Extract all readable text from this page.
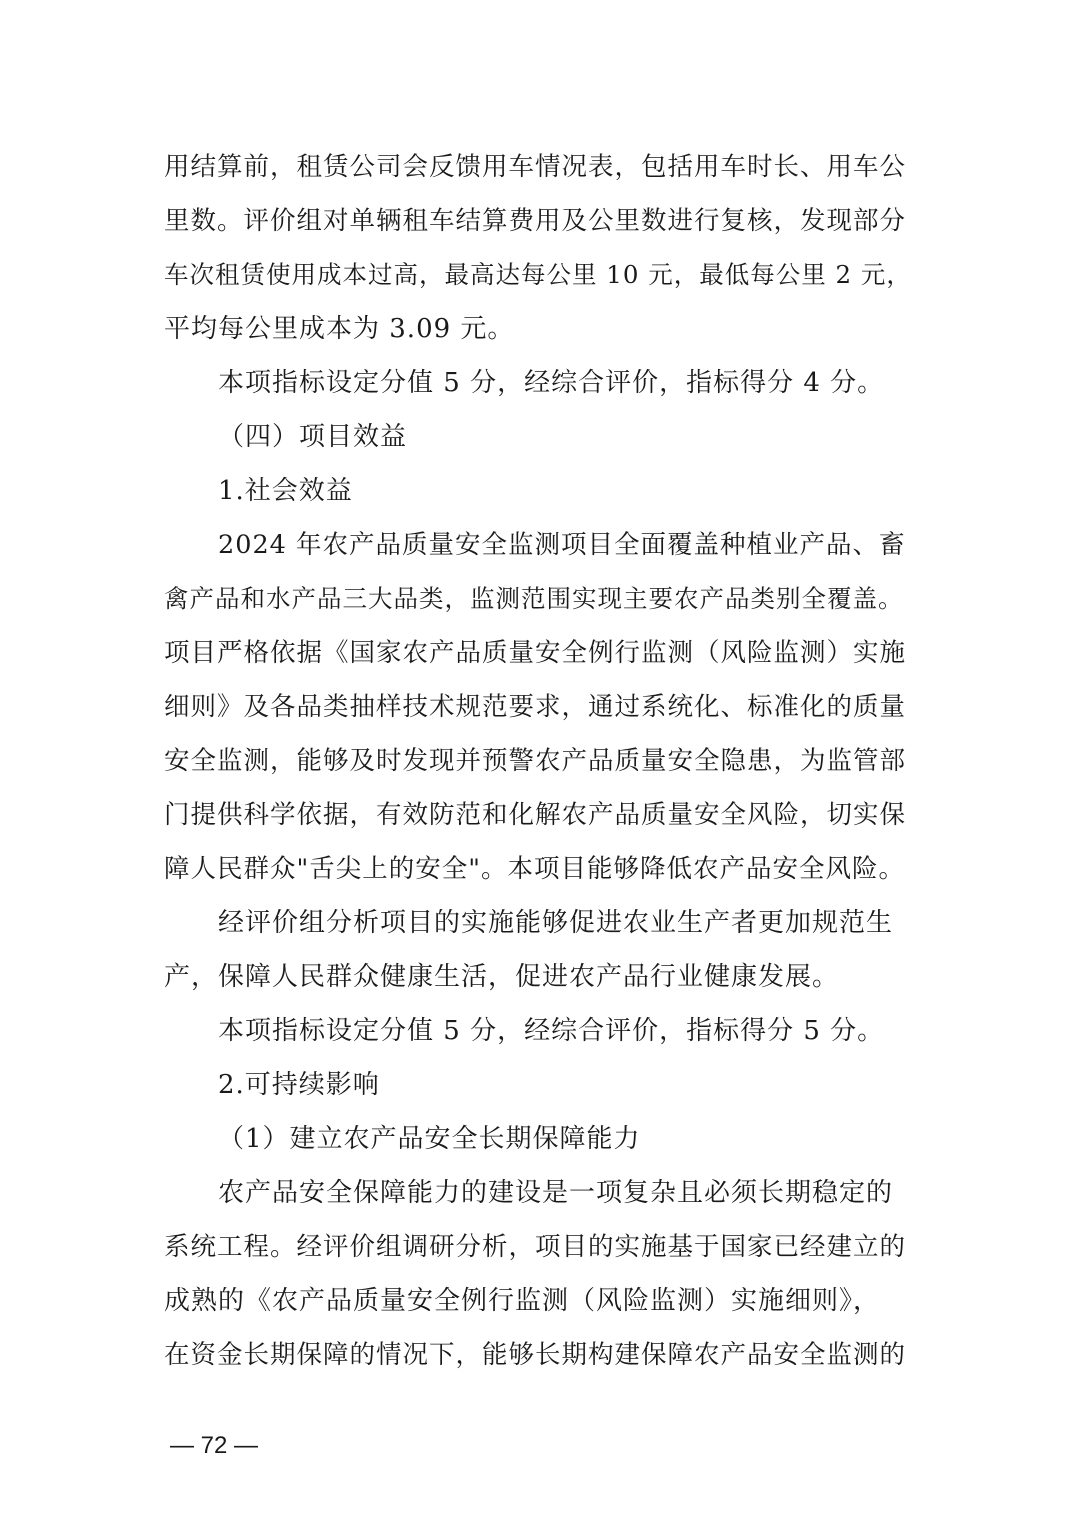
用结算前，租赁公司会反馈用车情况表，包括用车时长、用车公
里数。评价组对单辆租车结算费用及公里数进行复核，发现部分
车次租赁使用成本过高，最高达每公里 10 元，最低每公里 2 元，
平均每公里成本为 3.09 元。
本项指标设定分值 5 分，经综合评价，指标得分 4 分。
（四）项目效益
1.社会效益
2024 年农产品质量安全监测项目全面覆盖种植业产品、畜
禽产品和水产品三大品类，监测范围实现主要农产品类别全覆盖。
项目严格依据《国家农产品质量安全例行监测（风险监测）实施
细则》及各品类抽样技术规范要求，通过系统化、标准化的质量
安全监测，能够及时发现并预警农产品质量安全隐患，为监管部
门提供科学依据，有效防范和化解农产品质量安全风险，切实保
障人民群众"舌尖上的安全"。本项目能够降低农产品安全风险。
经评价组分析项目的实施能够促进农业生产者更加规范生
产，保障人民群众健康生活，促进农产品行业健康发展。
本项指标设定分值 5 分，经综合评价，指标得分 5 分。
2.可持续影响
（1）建立农产品安全长期保障能力
农产品安全保障能力的建设是一项复杂且必须长期稳定的
系统工程。经评价组调研分析，项目的实施基于国家已经建立的
成熟的《农产品质量安全例行监测（风险监测）实施细则》，
在资金长期保障的情况下，能够长期构建保障农产品安全监测的
— 72 —
